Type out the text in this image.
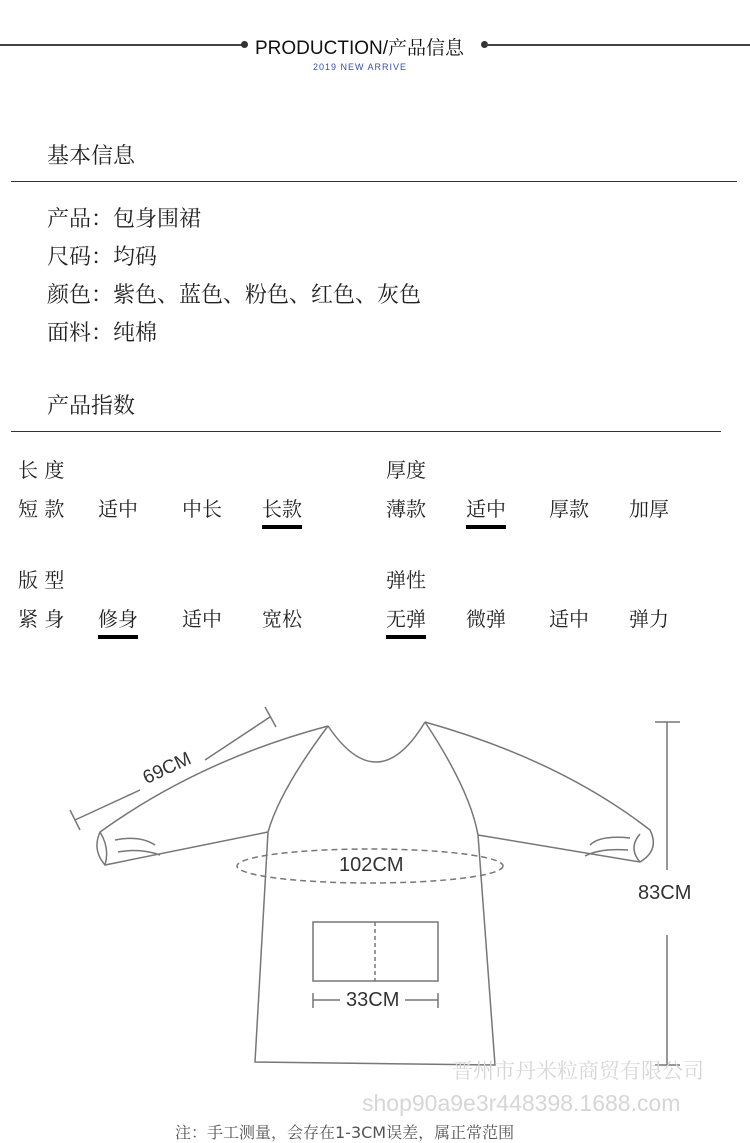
PRODUCTION/产品信息
2019 NEW ARRIVE
基本信息
产品：包身围裙
尺码：均码
颜色：紫色、蓝色、粉色、红色、灰色
面料：纯棉
产品指数
长 度
短 款 适中 中长 长款
厚度
薄款 适中 厚款 加厚
版 型
紧 身 修身 适中 宽松
弹性
无弹 微弹 适中 弹力
69CM
102CM
33CM
83CM
晋州市丹米粒商贸有限公司
shop90a9e3r448398.1688.com
注：手工测量，会存在1-3CM误差，属正常范围
